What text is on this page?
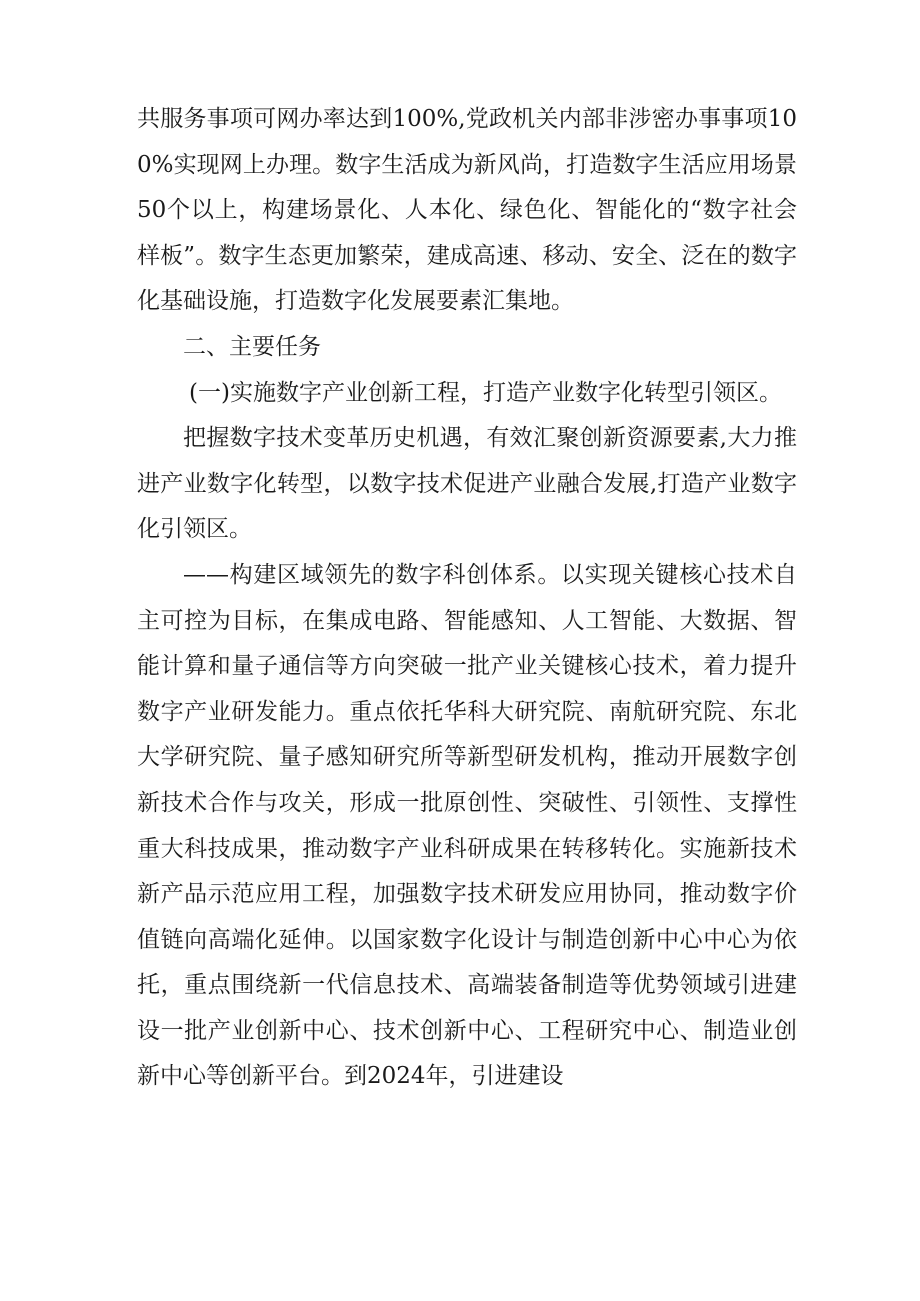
共服务事项可网办率达到100%,党政机关内部非涉密办事事项100%实现网上办理。数字生活成为新风尚，打造数字生活应用场景50个以上，构建场景化、人本化、绿色化、智能化的“数字社会样板”。数字生态更加繁荣，建成高速、移动、安全、泛在的数字化基础设施，打造数字化发展要素汇集地。

二、主要任务

(一)实施数字产业创新工程，打造产业数字化转型引领区。

把握数字技术变革历史机遇，有效汇聚创新资源要素,大力推进产业数字化转型，以数字技术促进产业融合发展,打造产业数字化引领区。

——构建区域领先的数字科创体系。以实现关键核心技术自主可控为目标，在集成电路、智能感知、人工智能、大数据、智能计算和量子通信等方向突破一批产业关键核心技术，着力提升数字产业研发能力。重点依托华科大研究院、南航研究院、东北大学研究院、量子感知研究所等新型研发机构，推动开展数字创新技术合作与攻关，形成一批原创性、突破性、引领性、支撑性重大科技成果，推动数字产业科研成果在转移转化。实施新技术新产品示范应用工程，加强数字技术研发应用协同，推动数字价值链向高端化延伸。以国家数字化设计与制造创新中心中心为依托，重点围绕新一代信息技术、高端装备制造等优势领域引进建设一批产业创新中心、技术创新中心、工程研究中心、制造业创新中心等创新平台。到2024年，引进建设
